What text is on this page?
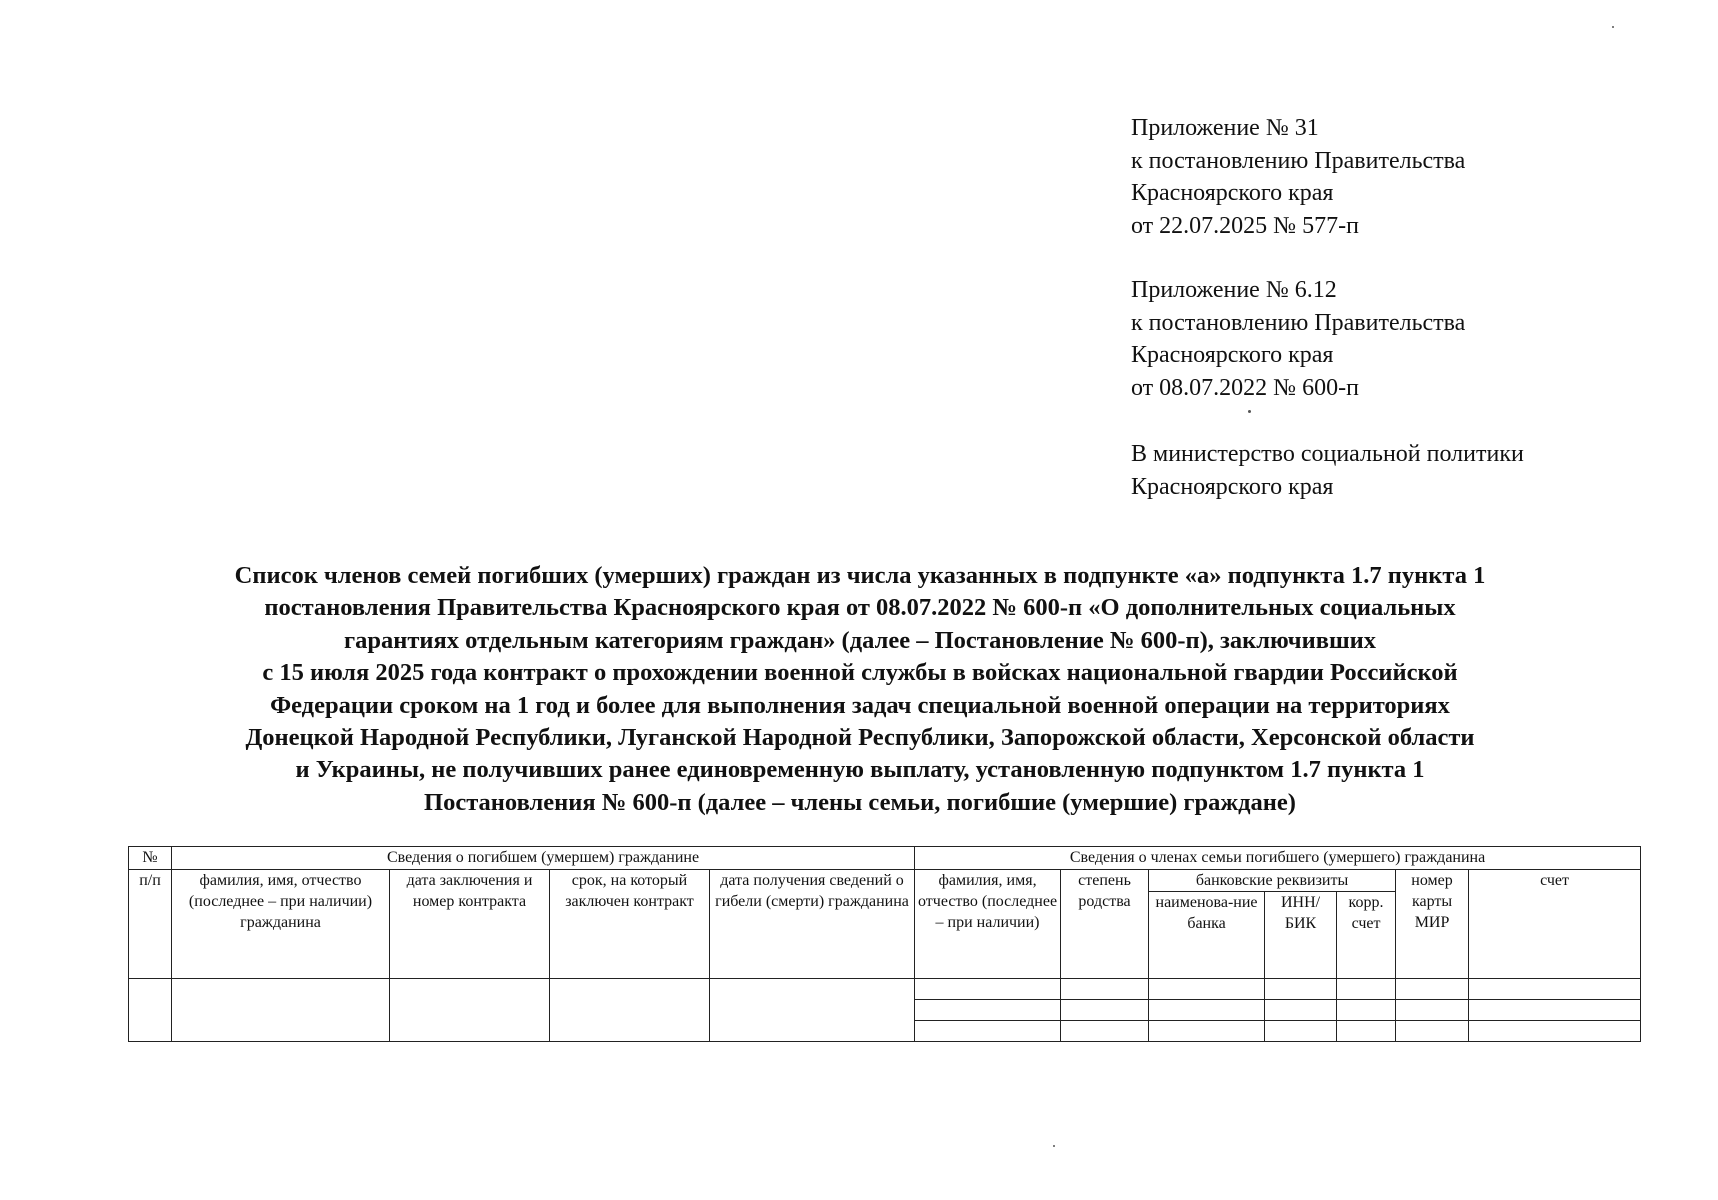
Приложение № 31
к постановлению Правительства
Красноярского края
от 22.07.2025 № 577-п
Приложение № 6.12
к постановлению Правительства
Красноярского края
от 08.07.2022 № 600-п
В министерство социальной политики
Красноярского края
Список членов семей погибших (умерших) граждан из числа указанных в подпункте «а» подпункта 1.7 пункта 1
постановления Правительства Красноярского края от 08.07.2022 № 600-п «О дополнительных социальных
гарантиях отдельным категориям граждан» (далее – Постановление № 600-п), заключивших
с 15 июля 2025 года контракт о прохождении военной службы в войсках национальной гвардии Российской
Федерации сроком на 1 год и более для выполнения задач специальной военной операции на территориях
Донецкой Народной Республики, Луганской Народной Республики, Запорожской области, Херсонской области
и Украины, не получивших ранее единовременную выплату, установленную подпунктом 1.7 пункта 1
Постановления № 600-п (далее – члены семьи, погибшие (умершие) граждане)
№	Сведения о погибшем (умершем) гражданине				Сведения о членах семьи погибшего (умершего) гражданина						
п/п	фамилия, имя, отчество (последнее – при наличии) гражданина	дата заключения и номер контракта	срок, на который заключен контракт	дата получения сведений о гибели (смерти) гражданина	фамилия, имя, отчество (последнее – при наличии)	степень родства	банковские реквизиты			номер карты МИР	счет
							наименова-ние банка	ИНН/ БИК	корр. счет		
